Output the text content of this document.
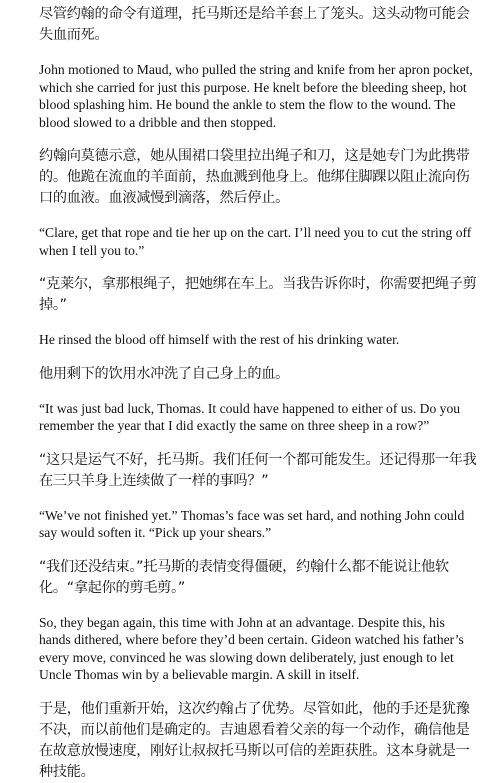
尽管约翰的命令有道理，托马斯还是给羊套上了笼头。这头动物可能会失血而死。

John motioned to Maud, who pulled the string and knife from her apron pocket, which she carried for just this purpose. He knelt before the bleeding sheep, hot blood splashing him. He bound the ankle to stem the flow to the wound. The blood slowed to a dribble and then stopped.

约翰向莫德示意，她从围裙口袋里拉出绳子和刀，这是她专门为此携带的。他跪在流血的羊面前，热血溅到他身上。他绑住脚踝以阻止流向伤口的血液。血液减慢到滴落，然后停止。

“Clare, get that rope and tie her up on the cart. I’ll need you to cut the string off when I tell you to.”

“克莱尔，拿那根绳子，把她绑在车上。当我告诉你时，你需要把绳子剪掉。”

He rinsed the blood off himself with the rest of his drinking water.

他用剩下的饮用水冲洗了自己身上的血。

“It was just bad luck, Thomas. It could have happened to either of us. Do you remember the year that I did exactly the same on three sheep in a row?”

“这只是运气不好，托马斯。我们任何一个都可能发生。还记得那一年我在三只羊身上连续做了一样的事吗？”

“We’ve not finished yet.” Thomas’s face was set hard, and nothing John could say would soften it. “Pick up your shears.”

“我们还没结束。”托马斯的表情变得僵硬，约翰什么都不能说让他软化。“拿起你的剪毛剪。”

So, they began again, this time with John at an advantage. Despite this, his hands dithered, where before they’d been certain. Gideon watched his father’s every move, convinced he was slowing down deliberately, just enough to let Uncle Thomas win by a believable margin. A skill in itself.

于是，他们重新开始，这次约翰占了优势。尽管如此，他的手还是犹豫不决，而以前他们是确定的。吉迪恩看着父亲的每一个动作，确信他是在故意放慢速度，刚好让叔叔托马斯以可信的差距获胜。这本身就是一种技能。
